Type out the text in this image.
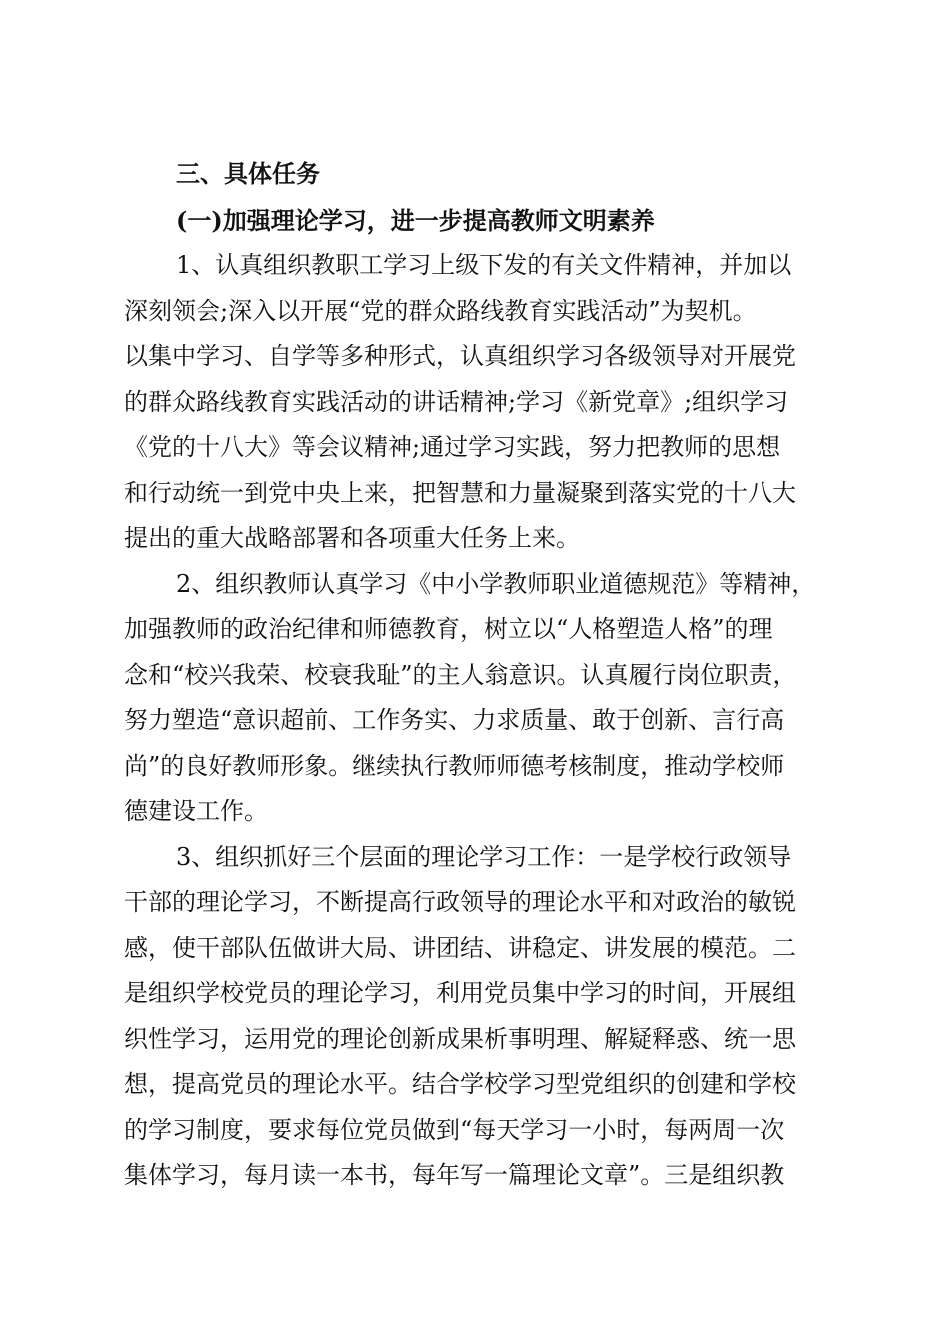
三、具体任务
(一)加强理论学习，进一步提高教师文明素养
1、认真组织教职工学习上级下发的有关文件精神，并加以
深刻领会;深入以开展“党的群众路线教育实践活动”为契机。
以集中学习、自学等多种形式，认真组织学习各级领导对开展党
的群众路线教育实践活动的讲话精神;学习《新党章》;组织学习
《党的十八大》等会议精神;通过学习实践，努力把教师的思想
和行动统一到党中央上来，把智慧和力量凝聚到落实党的十八大
提出的重大战略部署和各项重大任务上来。
2、组织教师认真学习《中小学教师职业道德规范》等精神，
加强教师的政治纪律和师德教育，树立以“人格塑造人格”的理
念和“校兴我荣、校衰我耻”的主人翁意识。认真履行岗位职责，
努力塑造“意识超前、工作务实、力求质量、敢于创新、言行高
尚”的良好教师形象。继续执行教师师德考核制度，推动学校师
德建设工作。
3、组织抓好三个层面的理论学习工作：一是学校行政领导
干部的理论学习，不断提高行政领导的理论水平和对政治的敏锐
感，使干部队伍做讲大局、讲团结、讲稳定、讲发展的模范。二
是组织学校党员的理论学习，利用党员集中学习的时间，开展组
织性学习，运用党的理论创新成果析事明理、解疑释惑、统一思
想，提高党员的理论水平。结合学校学习型党组织的创建和学校
的学习制度，要求每位党员做到“每天学习一小时，每两周一次
集体学习，每月读一本书，每年写一篇理论文章”。三是组织教
